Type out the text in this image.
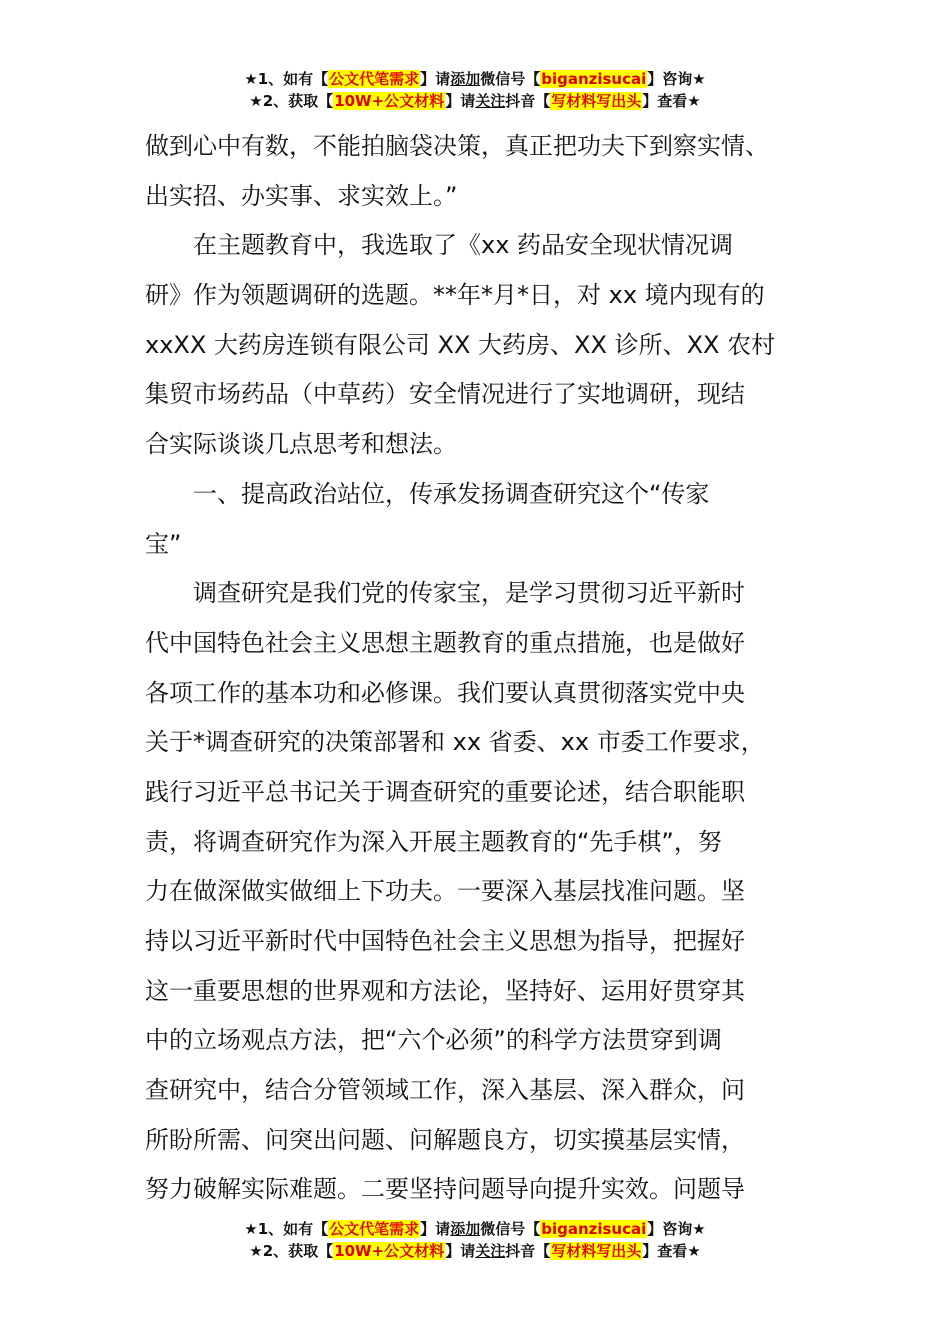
★1、如有【公文代笔需求】请添加微信号【biganzisucai】咨询★
★2、获取【10W+公文材料】请关注抖音【写材料写出头】查看★
做到心中有数，不能拍脑袋决策，真正把功夫下到察实情、
出实招、办实事、求实效上。”
　　在主题教育中，我选取了《xx 药品安全现状情况调
研》作为领题调研的选题。**年*月*日，对 xx 境内现有的
xxXX 大药房连锁有限公司 XX 大药房、XX 诊所、XX 农村
集贸市场药品（中草药）安全情况进行了实地调研，现结
合实际谈谈几点思考和想法。
　　一、提高政治站位，传承发扬调查研究这个“传家
宝”
　　调查研究是我们党的传家宝，是学习贯彻习近平新时
代中国特色社会主义思想主题教育的重点措施，也是做好
各项工作的基本功和必修课。我们要认真贯彻落实党中央
关于*调查研究的决策部署和 xx 省委、xx 市委工作要求，
践行习近平总书记关于调查研究的重要论述，结合职能职
责，将调查研究作为深入开展主题教育的“先手棋”，努
力在做深做实做细上下功夫。一要深入基层找准问题。坚
持以习近平新时代中国特色社会主义思想为指导，把握好
这一重要思想的世界观和方法论，坚持好、运用好贯穿其
中的立场观点方法，把“六个必须”的科学方法贯穿到调
查研究中，结合分管领域工作，深入基层、深入群众，问
所盼所需、问突出问题、问解题良方，切实摸基层实情，
努力破解实际难题。二要坚持问题导向提升实效。问题导
★1、如有【公文代笔需求】请添加微信号【biganzisucai】咨询★
★2、获取【10W+公文材料】请关注抖音【写材料写出头】查看★
